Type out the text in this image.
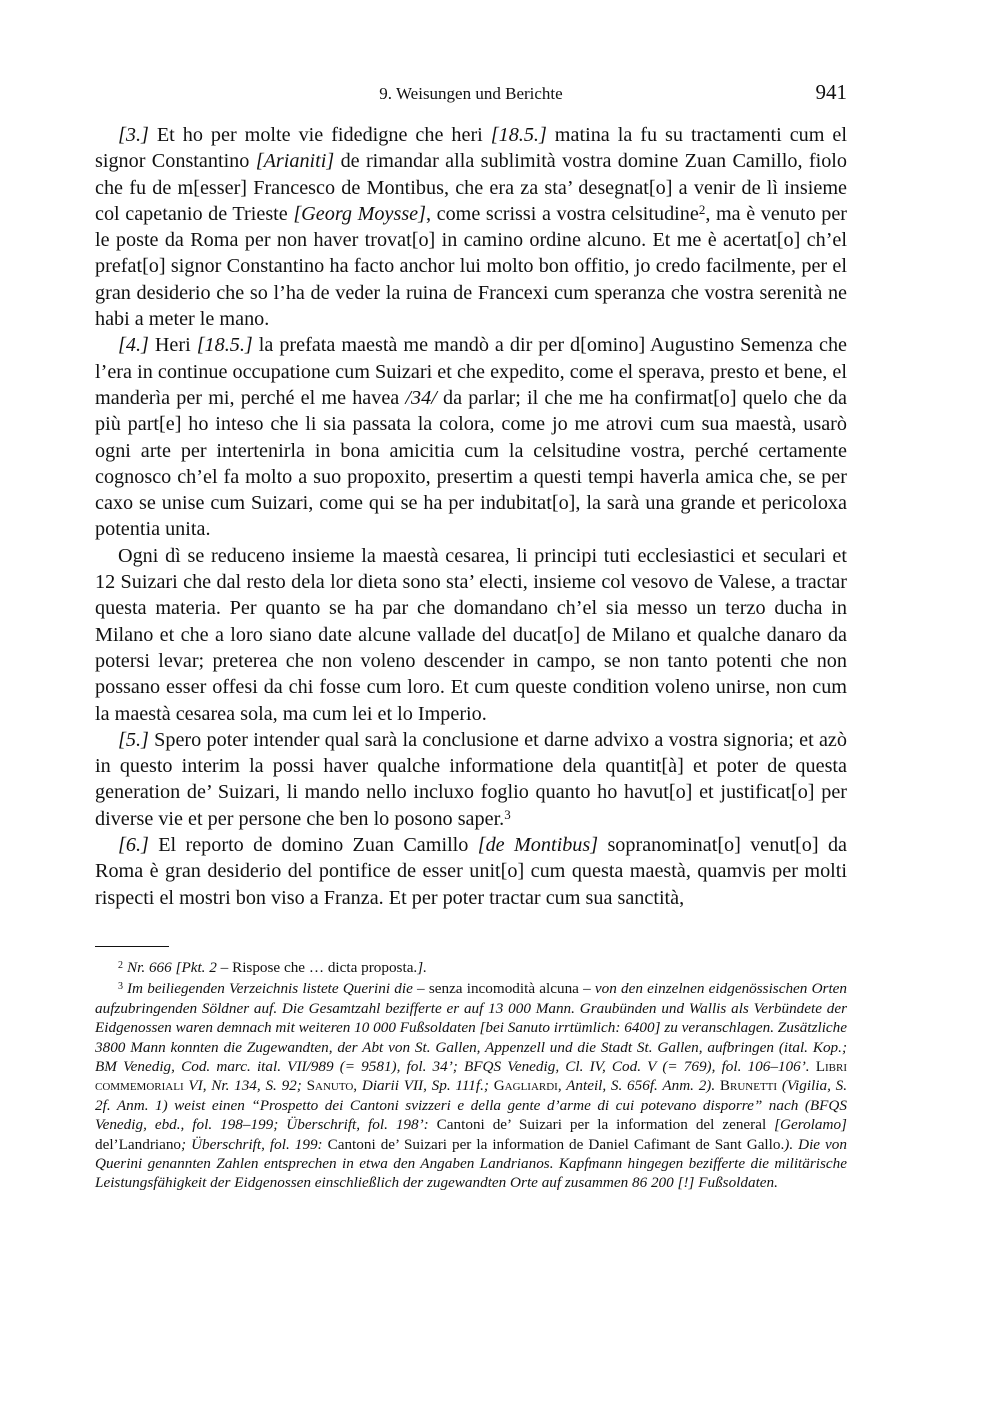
9. Weisungen und Berichte	941

[3.] Et ho per molte vie fidedigne che heri [18.5.] matina la fu su tractamenti cum el signor Constantino [Arianiti] de rimandar alla sublimità vostra domine Zuan Camillo, fiolo che fu de m[esser] Francesco de Montibus, che era za sta’ desegnat[o] a venir de lì insieme col capetanio de Trieste [Georg Moysse], come scrissi a vostra celsitudine$^2$, ma è venuto per le poste da Roma per non haver trovat[o] in camino ordine alcuno. Et me è acertat[o] ch’el prefat[o] signor Constantino ha facto anchor lui molto bon offitio, jo credo facilmente, per el gran desiderio che so l’ha de veder la ruina de Francexi cum speranza che vostra serenità ne habi a meter le mano.

[4.] Heri [18.5.] la prefata maestà me mandò a dir per d[omino] Augustino Semenza che l’era in continue occupatione cum Suizari et che expedito, come el sperava, presto et bene, el manderìa per mi, perché el me havea /34/ da parlar; il che me ha confirmat[o] quelo che da più part[e] ho inteso che li sia passata la colora, come jo me atrovi cum sua maestà, usarò ogni arte per intertenirla in bona amicitia cum la celsitudine vostra, perché certamente cognosco ch’el fa molto a suo propoxito, presertim a questi tempi haverla amica che, se per caxo se unise cum Suizari, come qui se ha per indubitat[o], la sarà una grande et pericoloxa potentia unita.

Ogni dì se reduceno insieme la maestà cesarea, li principi tuti ecclesiastici et seculari et 12 Suizari che dal resto dela lor dieta sono sta’ electi, insieme col vesovo de Valese, a tractar questa materia. Per quanto se ha par che domandano ch’el sia messo un terzo ducha in Milano et che a loro siano date alcune vallade del ducat[o] de Milano et qualche danaro da potersi levar; preterea che non voleno descender in campo, se non tanto potenti che non possano esser offesi da chi fosse cum loro. Et cum queste condition voleno unirse, non cum la maestà cesarea sola, ma cum lei et lo Imperio.

[5.] Spero poter intender qual sarà la conclusione et darne advixo a vostra signoria; et azò in questo interim la possi haver qualche informatione dela quantit[à] et poter de questa generation de’ Suizari, li mando nello incluxo foglio quanto ho havut[o] et justificat[o] per diverse vie et per persone che ben lo posono saper.$^3$

[6.] El reporto de domino Zuan Camillo [de Montibus] sopranominat[o] venut[o] da Roma è gran desiderio del pontifice de esser unit[o] cum questa maestà, quamvis per molti rispecti el mostri bon viso a Franza. Et per poter tractar cum sua sanctità,

$^2$ Nr. 666 [Pkt. 2 – Rispose che … dicta proposta.].

$^3$ Im beiliegenden Verzeichnis listete Querini die – senza incomodità alcuna – von den einzelnen eidgenössischen Orten aufzubringenden Söldner auf. Die Gesamtzahl bezifferte er auf 13 000 Mann. Graubünden und Wallis als Verbündete der Eidgenossen waren demnach mit weiteren 10 000 Fußsoldaten [bei Sanuto irrtümlich: 6400] zu veranschlagen. Zusätzliche 3800 Mann konnten die Zugewandten, der Abt von St. Gallen, Appenzell und die Stadt St. Gallen, aufbringen (ital. Kop.; BM Venedig, Cod. marc. ital. VII/989 (= 9581), fol. 34’; BFQS Venedig, Cl. IV, Cod. V (= 769), fol. 106–106’. Libri commemoriali VI, Nr. 134, S. 92; Sanuto, Diarii VII, Sp. 111f.; Gagliardi, Anteil, S. 656f. Anm. 2). Brunetti (Vigilia, S. 2f. Anm. 1) weist einen “Prospetto dei Cantoni svizzeri e della gente d’arme di cui potevano disporre” nach (BFQS Venedig, ebd., fol. 198–199; Überschrift, fol. 198’: Cantoni de’ Suizari per la information del zeneral [Gerolamo] del’Landriano; Überschrift, fol. 199: Cantoni de’ Suizari per la information de Daniel Cafimant de Sant Gallo.). Die von Querini genannten Zahlen entsprechen in etwa den Angaben Landrianos. Kapfmann hingegen bezifferte die militärische Leistungsfähigkeit der Eidgenossen einschließlich der zugewandten Orte auf zusammen 86 200 [!] Fußsoldaten.
